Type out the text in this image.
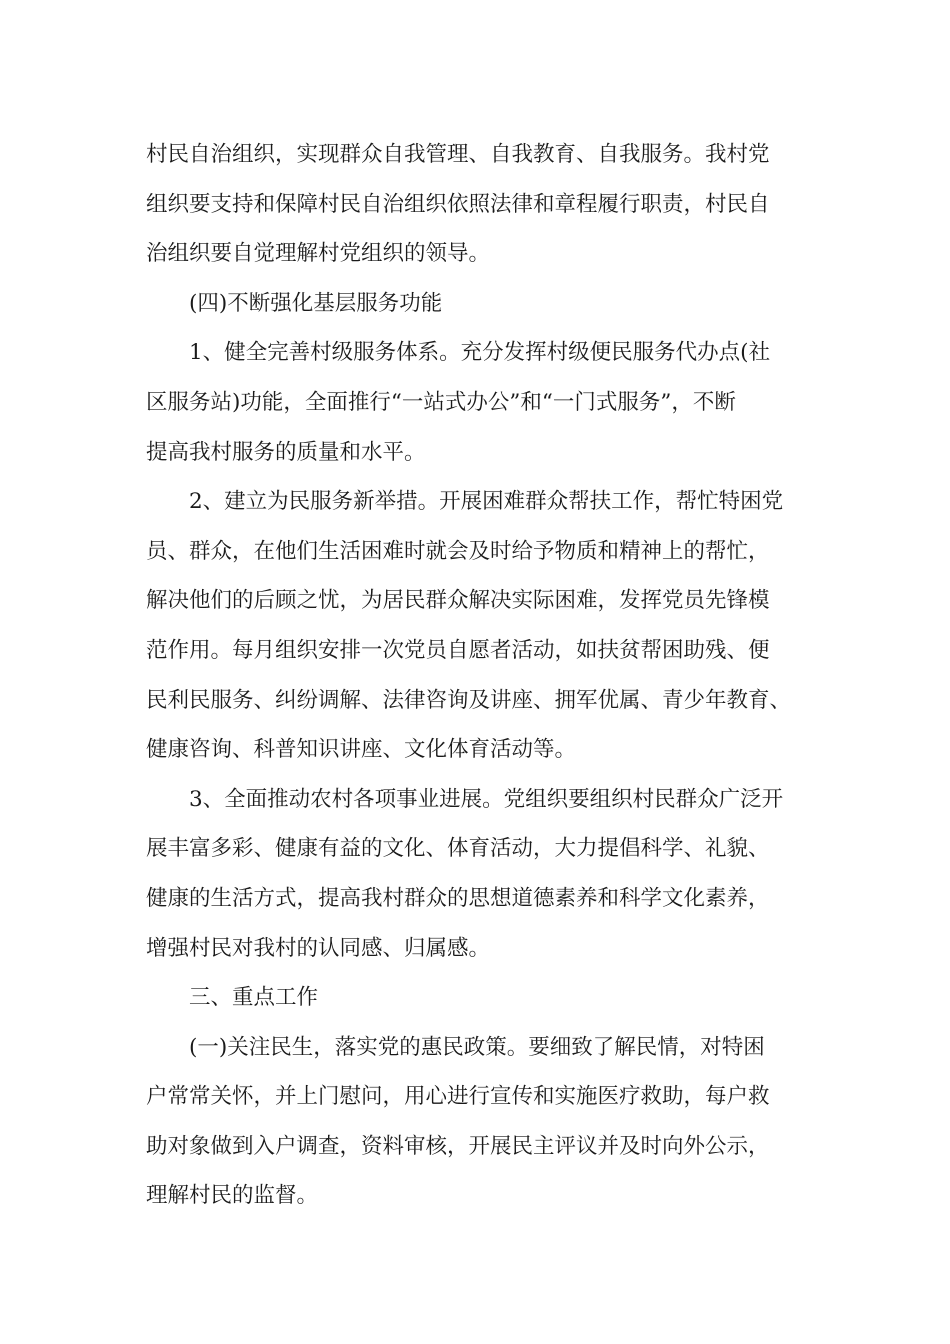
村民自治组织，实现群众自我管理、自我教育、自我服务。我村党
组织要支持和保障村民自治组织依照法律和章程履行职责，村民自
治组织要自觉理解村党组织的领导。
(四)不断强化基层服务功能
1、健全完善村级服务体系。充分发挥村级便民服务代办点(社
区服务站)功能，全面推行“一站式办公”和“一门式服务”，不断
提高我村服务的质量和水平。
2、建立为民服务新举措。开展困难群众帮扶工作，帮忙特困党
员、群众，在他们生活困难时就会及时给予物质和精神上的帮忙，
解决他们的后顾之忧，为居民群众解决实际困难，发挥党员先锋模
范作用。每月组织安排一次党员自愿者活动，如扶贫帮困助残、便
民利民服务、纠纷调解、法律咨询及讲座、拥军优属、青少年教育、
健康咨询、科普知识讲座、文化体育活动等。
3、全面推动农村各项事业进展。党组织要组织村民群众广泛开
展丰富多彩、健康有益的文化、体育活动，大力提倡科学、礼貌、
健康的生活方式，提高我村群众的思想道德素养和科学文化素养，
增强村民对我村的认同感、归属感。
三、重点工作
(一)关注民生，落实党的惠民政策。要细致了解民情，对特困
户常常关怀，并上门慰问，用心进行宣传和实施医疗救助，每户救
助对象做到入户调查，资料审核，开展民主评议并及时向外公示，
理解村民的监督。
